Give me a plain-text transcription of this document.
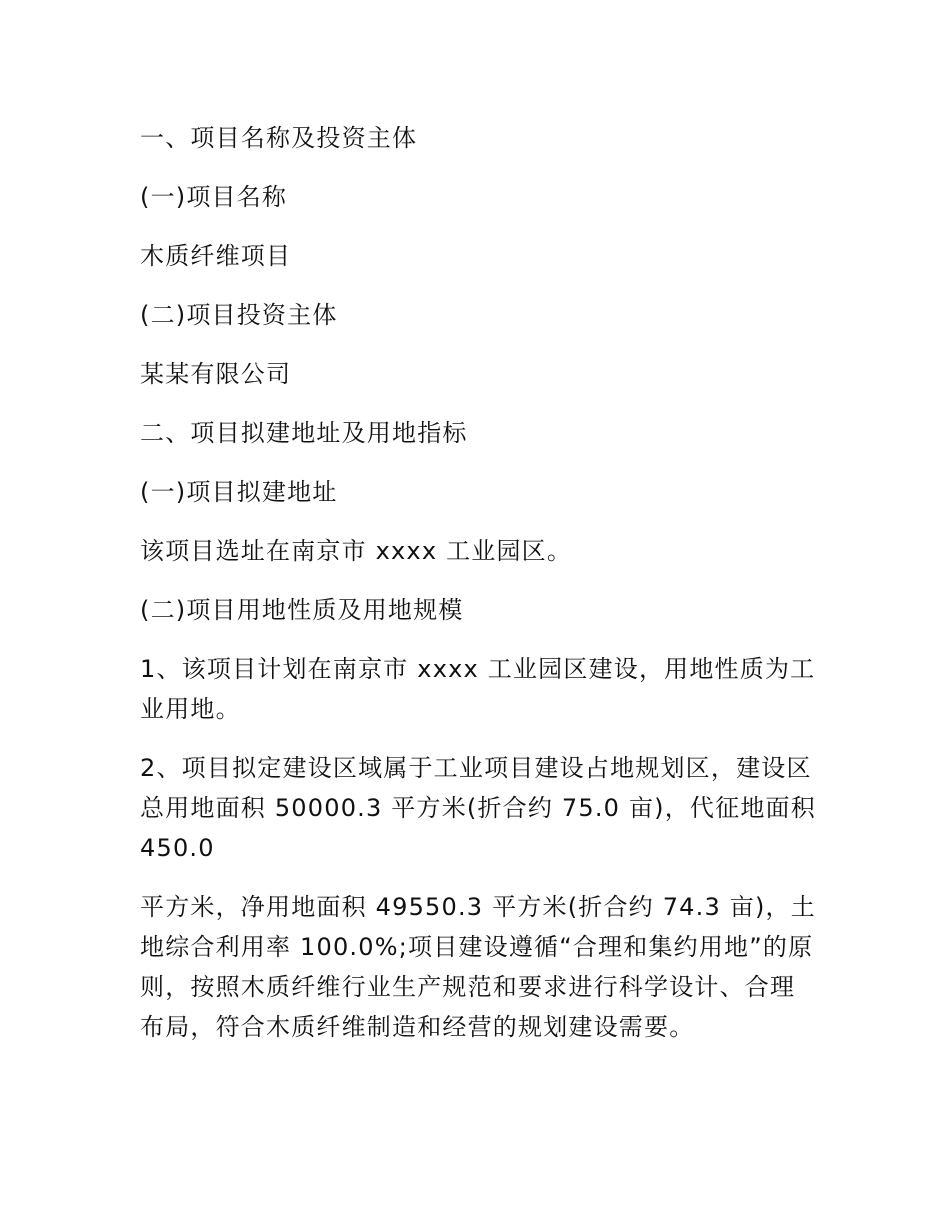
一、项目名称及投资主体

(一)项目名称

木质纤维项目

(二)项目投资主体

某某有限公司

二、项目拟建地址及用地指标

(一)项目拟建地址

该项目选址在南京市 xxxx 工业园区。

(二)项目用地性质及用地规模

1、该项目计划在南京市 xxxx 工业园区建设，用地性质为工业用地。

2、项目拟定建设区域属于工业项目建设占地规划区，建设区总用地面积 50000.3 平方米(折合约 75.0 亩)，代征地面积 450.0

平方米，净用地面积 49550.3 平方米(折合约 74.3 亩)，土地综合利用率 100.0%;项目建设遵循“合理和集约用地”的原则，按照木质纤维行业生产规范和要求进行科学设计、合理布局，符合木质纤维制造和经营的规划建设需要。
